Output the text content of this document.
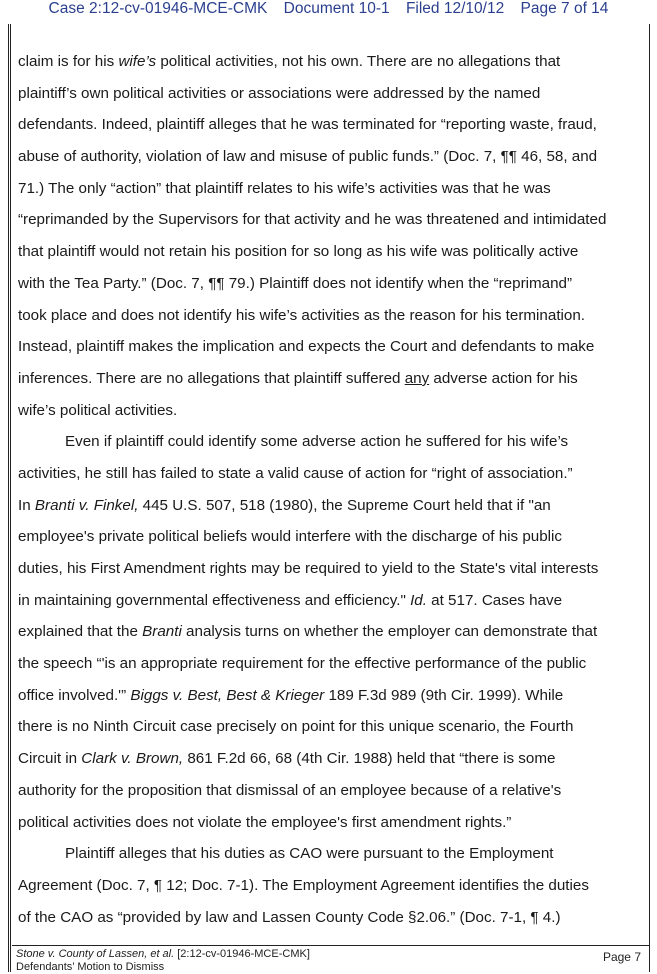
Case 2:12-cv-01946-MCE-CMK Document 10-1 Filed 12/10/12 Page 7 of 14
claim is for his wife’s political activities, not his own. There are no allegations that
plaintiff’s own political activities or associations were addressed by the named
defendants. Indeed, plaintiff alleges that he was terminated for “reporting waste, fraud,
abuse of authority, violation of law and misuse of public funds.” (Doc. 7, ¶¶ 46, 58, and
71.) The only “action” that plaintiff relates to his wife’s activities was that he was
“reprimanded by the Supervisors for that activity and he was threatened and intimidated
that plaintiff would not retain his position for so long as his wife was politically active
with the Tea Party.” (Doc. 7, ¶¶ 79.) Plaintiff does not identify when the “reprimand”
took place and does not identify his wife’s activities as the reason for his termination.
Instead, plaintiff makes the implication and expects the Court and defendants to make
inferences. There are no allegations that plaintiff suffered any adverse action for his
wife’s political activities.
Even if plaintiff could identify some adverse action he suffered for his wife’s
activities, he still has failed to state a valid cause of action for “right of association.”
In Branti v. Finkel, 445 U.S. 507, 518 (1980), the Supreme Court held that if "an
employee's private political beliefs would interfere with the discharge of his public
duties, his First Amendment rights may be required to yield to the State's vital interests
in maintaining governmental effectiveness and efficiency." Id. at 517. Cases have
explained that the Branti analysis turns on whether the employer can demonstrate that
the speech “'is an appropriate requirement for the effective performance of the public
office involved.'” Biggs v. Best, Best & Krieger 189 F.3d 989 (9th Cir. 1999). While
there is no Ninth Circuit case precisely on point for this unique scenario, the Fourth
Circuit in Clark v. Brown, 861 F.2d 66, 68 (4th Cir. 1988) held that “there is some
authority for the proposition that dismissal of an employee because of a relative's
political activities does not violate the employee's first amendment rights.”
Plaintiff alleges that his duties as CAO were pursuant to the Employment
Agreement (Doc. 7, ¶ 12; Doc. 7-1). The Employment Agreement identifies the duties
of the CAO as “provided by law and Lassen County Code §2.06.” (Doc. 7-1, ¶ 4.)
Stone v. County of Lassen, et al. [2:12-cv-01946-MCE-CMK]
Defendants’ Motion to Dismiss
Page 7
